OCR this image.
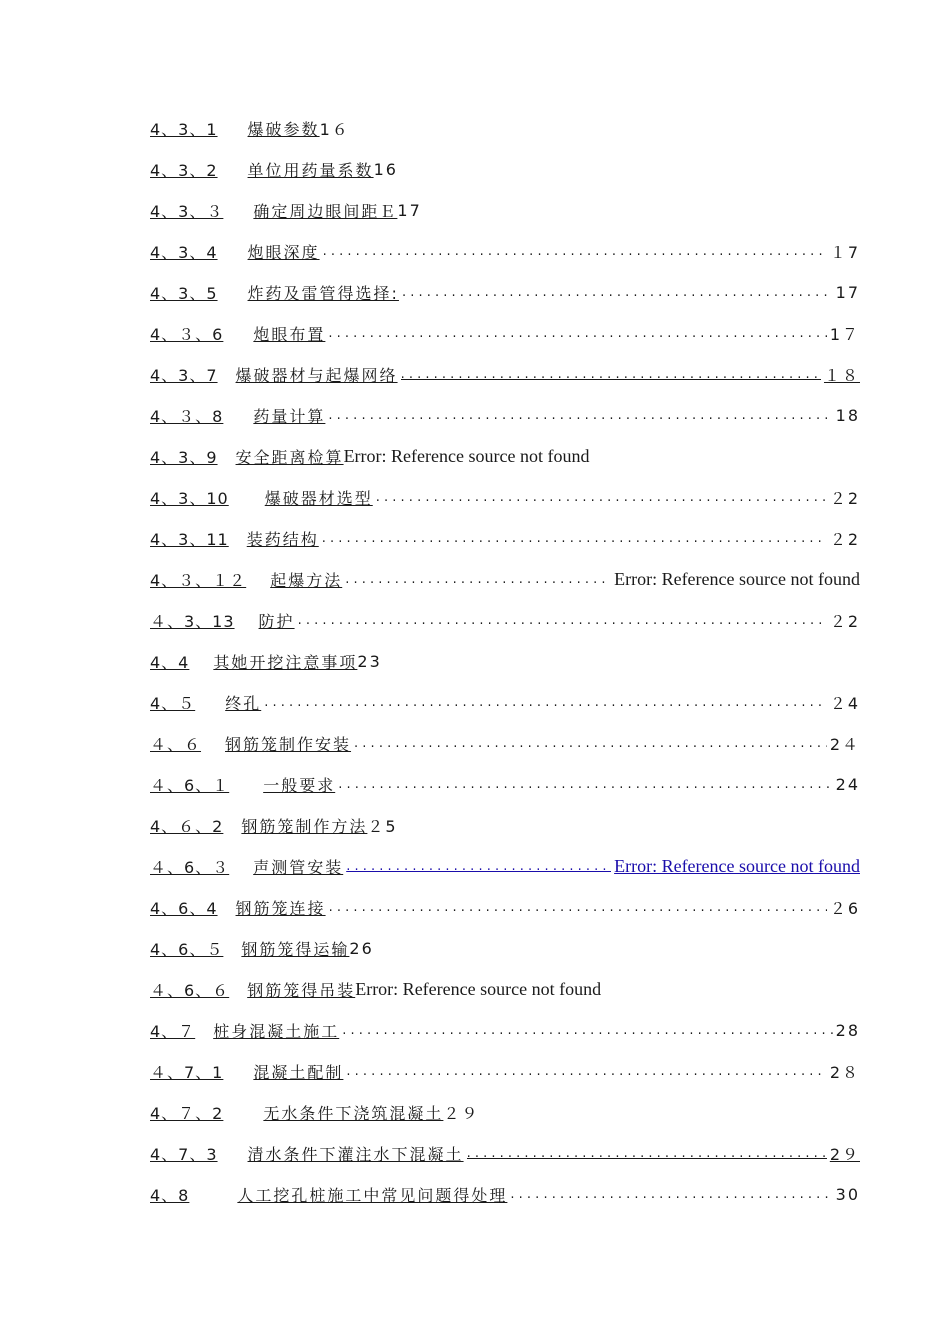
4、3、1 爆破参数 1６
4、3、2 单位用药量系数 16
4、3、３ 确定周边眼间距Ｅ 17
4、3、4 炮眼深度 . . .	１7
4、3、5 炸药及雷管得选择: . . .	17
4、３、6 炮眼布置 . . .	1７
4、3、7 爆破器材与起爆网络 . . .	１８
4、３、8 药量计算 . . .	18
4、3、9 安全距离检算 Error: Reference source not found
4、3、10 爆破器材选型 . . .	２2
4、3、11 装药结构 . . .	２2
4、３、１２ 起爆方法 . . .	Error: Reference source not found
４、3、13 防护 . . .	２2
4、4 其她开挖注意事项 23
4、５ 终孔 . . .	２4
４、６ 钢筋笼制作安装 . . .	2４
４、6、１ 一般要求 . . .	24
4、６、2 钢筋笼制作方法 ２5
４、6、３ 声测管安装 . . .	Error: Reference source not found
4、6、4 钢筋笼连接 . . .	２6
4、6、５ 钢筋笼得运输 26
４、6、６ 钢筋笼得吊装 Error: Reference source not found
4、７ 桩身混凝土施工 . . .	28
４、7、1 混凝土配制 . . .	2８
4、７、2	无水条件下浇筑混凝土 ２９
4、7、3 清水条件下灌注水下混凝土 . . .	2９
4、8	人工挖孔桩施工中常见问题得处理 . . .	30
